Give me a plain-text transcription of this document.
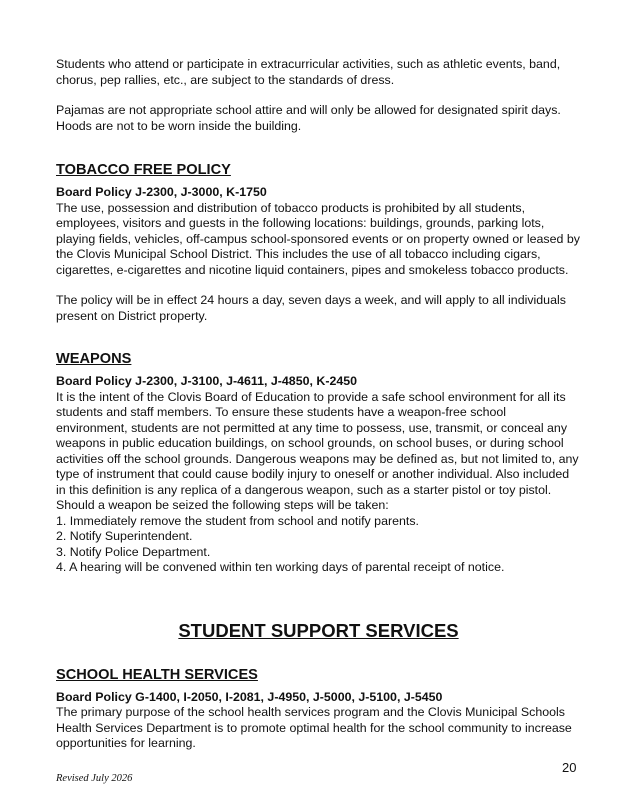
Students who attend or participate in extracurricular activities, such as athletic events, band, chorus, pep rallies, etc., are subject to the standards of dress.

Pajamas are not appropriate school attire and will only be allowed for designated spirit days. Hoods are not to be worn inside the building.

TOBACCO FREE POLICY
Board Policy J-2300, J-3000, K-1750

The use, possession and distribution of tobacco products is prohibited by all students, employees, visitors and guests in the following locations: buildings, grounds, parking lots, playing fields, vehicles, off-campus school-sponsored events or on property owned or leased by the Clovis Municipal School District. This includes the use of all tobacco including cigars, cigarettes, e-cigarettes and nicotine liquid containers, pipes and smokeless tobacco products.

The policy will be in effect 24 hours a day, seven days a week, and will apply to all individuals present on District property.

WEAPONS
Board Policy J-2300, J-3100, J-4611, J-4850, K-2450

It is the intent of the Clovis Board of Education to provide a safe school environment for all its students and staff members. To ensure these students have a weapon-free school environment, students are not permitted at any time to possess, use, transmit, or conceal any weapons in public education buildings, on school grounds, on school buses, or during school activities off the school grounds. Dangerous weapons may be defined as, but not limited to, any type of instrument that could cause bodily injury to oneself or another individual. Also included in this definition is any replica of a dangerous weapon, such as a starter pistol or toy pistol. Should a weapon be seized the following steps will be taken:

1. Immediately remove the student from school and notify parents.
2. Notify Superintendent.
3. Notify Police Department.
4. A hearing will be convened within ten working days of parental receipt of notice.
STUDENT SUPPORT SERVICES
SCHOOL HEALTH SERVICES
Board Policy G-1400, I-2050, I-2081, J-4950, J-5000, J-5100, J-5450

The primary purpose of the school health services program and the Clovis Municipal Schools Health Services Department is to promote optimal health for the school community to increase opportunities for learning.

20
Revised July 2026
